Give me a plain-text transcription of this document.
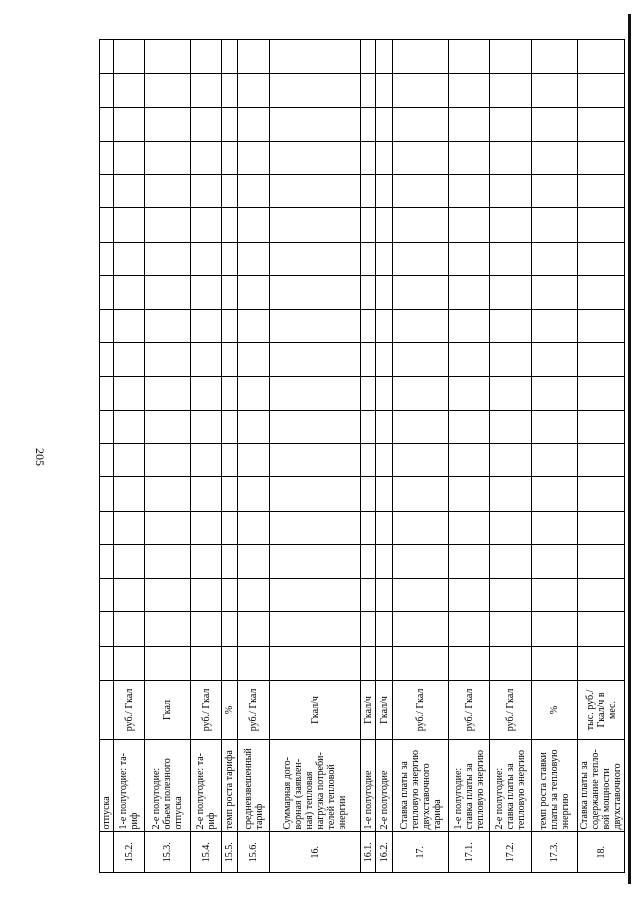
205
	отпуска																				
15.2.	1-е полугодие: та-риф	руб./ Гкал																			
15.3.	2-е полугодие: объем полезного отпуска	Гкал																			
15.4.	2-е полугодие: та-риф	руб./ Гкал																			
15.5.	темп роста тарифа	%																			
15.6.	средневзвешенный тариф	руб./ Гкал																			
16.	Суммарная дого-ворная (заявлен-ная) тепловая нагрузка потреби-телей тепловой энергии	Гкал/ч																			
16.1.	1-е полугодие	Гкал/ч																			
16.2.	2-е полугодие	Гкал/ч																			
17.	Ставка платы за тепловую энергию двухставочного тарифа	руб./ Гкал																			
17.1.	1-е полугодие: ставка платы за тепловую энергию	руб./ Гкал																			
17.2.	2-е полугодие: ставка платы за тепловую энергию	руб./ Гкал																			
17.3.	темп роста ставки платы за тепловую энергию	%																			
18.	Ставка платы за содержание тепло-вой мощности двухставочного	тыс. руб./ Гкал/ч в мес.																			
